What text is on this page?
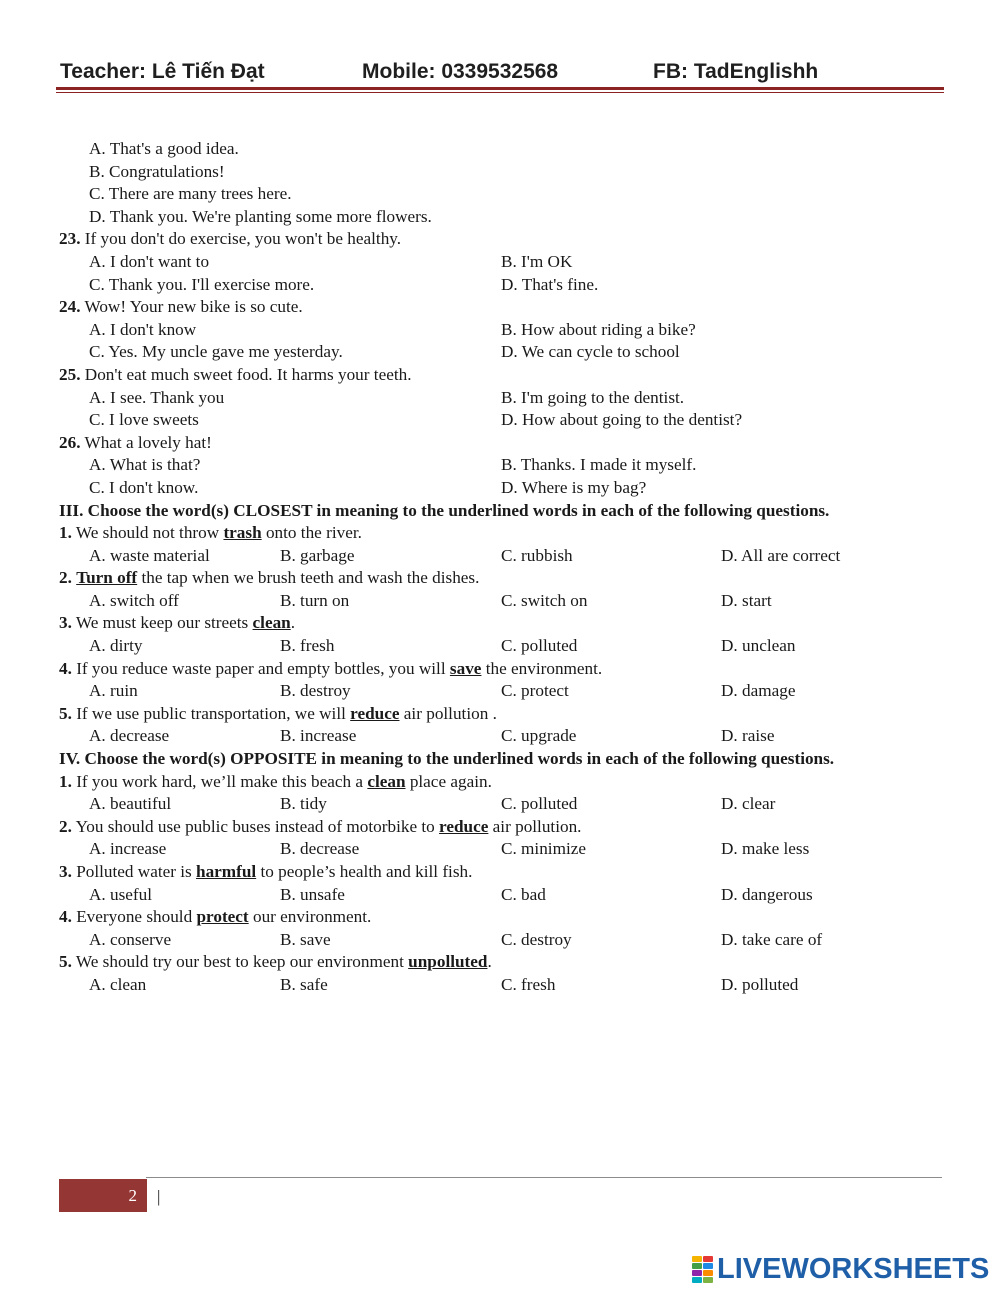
Teacher: Lê Tiến Đạt	Mobile: 0339532568	FB: TadEnglishh
A. That's a good idea.
B. Congratulations!
C. There are many trees here.
D. Thank you. We're planting some more flowers.
23. If you don't do exercise, you won't be healthy.
A. I don't want to	B. I'm OK
C. Thank you. I'll exercise more.	D. That's fine.
24. Wow! Your new bike is so cute.
A. I don't know	B. How about riding a bike?
C. Yes. My uncle gave me yesterday.	D. We can cycle to school
25. Don't eat much sweet food. It harms your teeth.
A. I see. Thank you	B. I'm going to the dentist.
C. I love sweets	D. How about going to the dentist?
26. What a lovely hat!
A. What is that?	B. Thanks. I made it myself.
C. I don't know.	D. Where is my bag?
III. Choose the word(s) CLOSEST in meaning to the underlined words in each of the following questions.
1. We should not throw trash onto the river.
A. waste material	B. garbage	C. rubbish	D. All are correct
2. Turn off the tap when we brush teeth and wash the dishes.
A. switch off	B. turn on	C. switch on	D. start
3. We must keep our streets clean.
A. dirty	B. fresh	C. polluted	D. unclean
4. If you reduce waste paper and empty bottles, you will save the environment.
A. ruin	B. destroy	C. protect	D. damage
5. If we use public transportation, we will reduce air pollution .
A. decrease	B. increase	C. upgrade	D. raise
IV. Choose the word(s) OPPOSITE in meaning to the underlined words in each of the following questions.
1. If you work hard, we’ll make this beach a clean place again.
A. beautiful	B. tidy	C. polluted	D. clear
2. You should use public buses instead of motorbike to reduce air pollution.
A. increase	B. decrease	C. minimize	D. make less
3. Polluted water is harmful to people’s health and kill fish.
A. useful	B. unsafe	C. bad	D. dangerous
4. Everyone should protect our environment.
A. conserve	B. save	C. destroy	D. take care of
5. We should try our best to keep our environment unpolluted.
A. clean	B. safe	C. fresh	D. polluted
2	|
LIVEWORKSHEETS
